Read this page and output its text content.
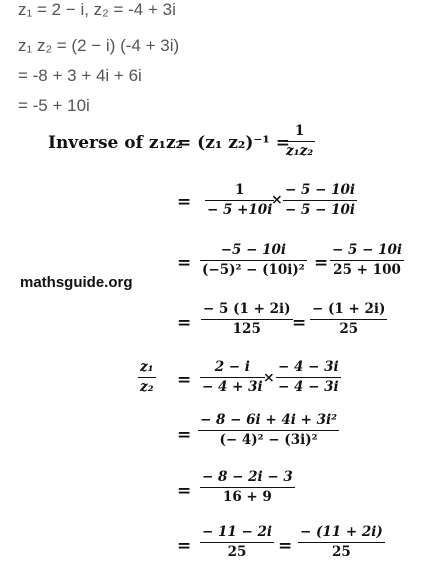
z₁ = 2 − i, z₂ = -4 + 3i
z₁ z₂ = (2 − i) (-4 + 3i)
= -8 + 3 + 4i + 6i
= -5 + 10i
Inverse of z₁z₂
= (z₁ z₂)⁻¹ =
1
z₁z₂
=
1
− 5 +10i
×
− 5 − 10i
− 5 − 10i
=
−5 − 10i
(−5)² − (10i)² =
− 5 − 10i
25 + 100
mathsguide.org
=
− 5 (1 + 2i)
125 =
− (1 + 2i)
25
z₁
z₂ =
2 − i
− 4 + 3i
×
− 4 − 3i
− 4 − 3i
=
− 8 − 6i + 4i + 3i²
(− 4)² − (3i)²
=
− 8 − 2i − 3
16 + 9
=
− 11 − 2i
25 =
− (11 + 2i)
25
